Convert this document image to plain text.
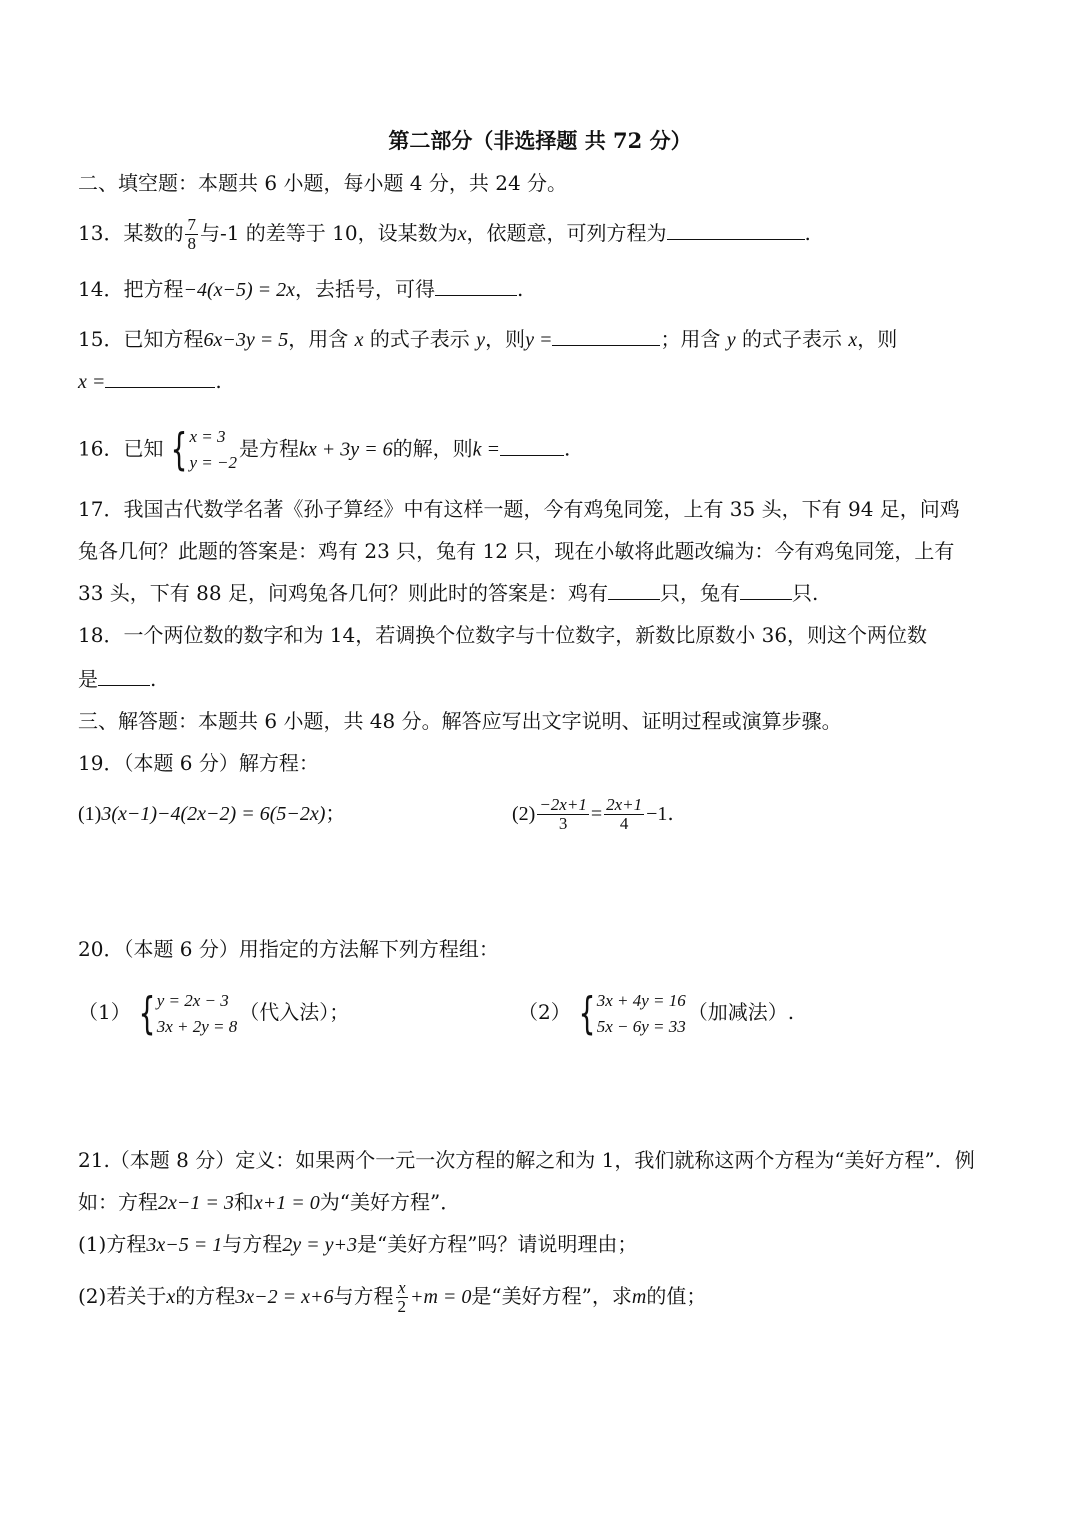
第二部分（非选择题 共 72 分）
二、填空题：本题共 6 小题，每小题 4 分，共 24 分。
13．某数的 $\frac{7}{8}$ 与-1 的差等于 10，设某数为x，依题意，可列方程为	.
14．把方程−4(x−5) = 2x，去括号，可得	.
15．已知方程6x−3y = 5，用含 x 的式子表示 y，则y =	；用含 y 的式子表示 x，则
x =	.
16．已知 { x = 3
y = −2
是方程kx + 3y = 6的解，则k =	.
17．我国古代数学名著《孙子算经》中有这样一题，今有鸡兔同笼，上有 35 头，下有 94 足，问鸡
兔各几何？此题的答案是：鸡有 23 只，兔有 12 只，现在小敏将此题改编为：今有鸡兔同笼，上有
33 头，下有 88 足，问鸡兔各几何？则此时的答案是：鸡有	只，兔有	只.
18．一个两位数的数字和为 14，若调换个位数字与十位数字，新数比原数小 36，则这个两位数
是	.
三、解答题：本题共 6 小题，共 48 分。解答应写出文字说明、证明过程或演算步骤。
19．（本题 6 分）解方程：
(1)3(x−1)−4(2x−2) = 6(5−2x)；	$(2) \frac{-2x+1}{3} = \frac{2x+1}{4} -1$.
20．（本题 6 分）用指定的方法解下列方程组：
（1） { y = 2x − 3
3x + 2y = 8
（代入法）；	（2） { 3x + 4y = 16
5x − 6y = 33
（加减法）.
21.（本题 8 分）定义：如果两个一元一次方程的解之和为 1，我们就称这两个方程为“美好方程”．例
如：方程2x−1 = 3和x+1 = 0为“美好方程”．
(1)方程3x−5 = 1与方程2y = y+3是“美好方程”吗？请说明理由；
(2)若关于x的方程3x−2 = x+6与方程 $\frac{x}{2} +m = 0$是“美好方程”，求m的值；
